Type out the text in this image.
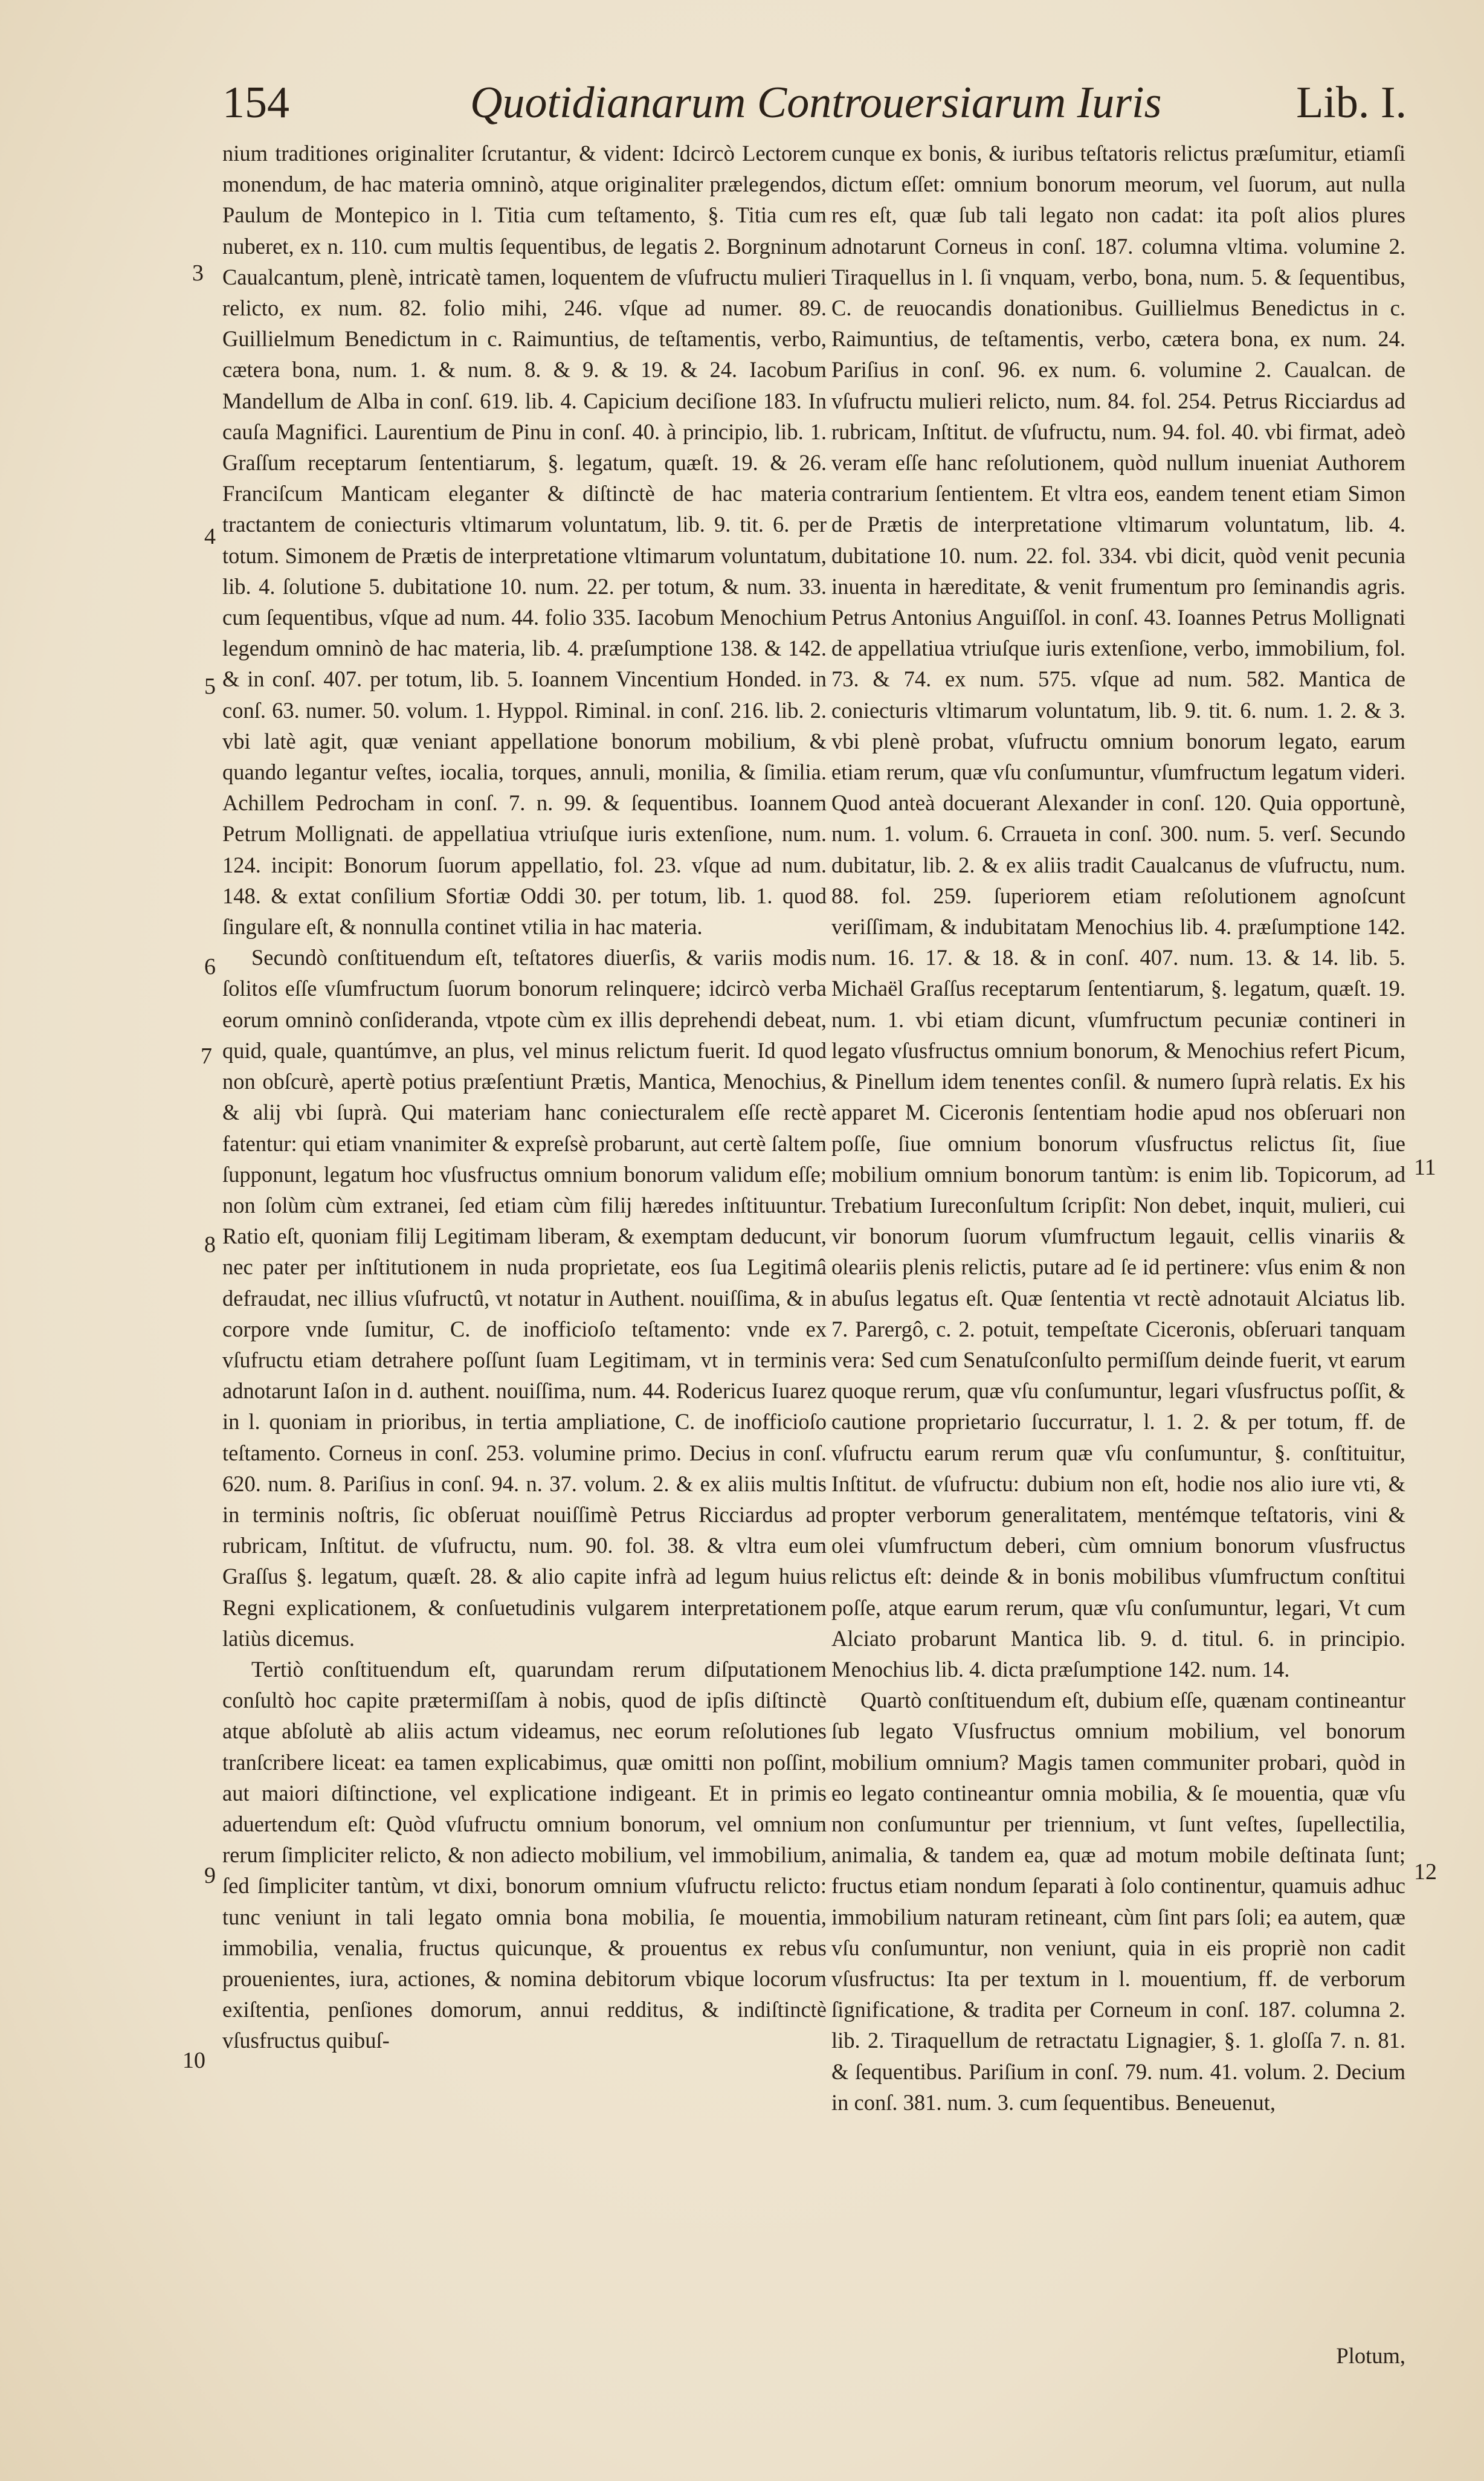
154	Quotidianarum Controuersiarum Iuris	Lib. I.

nium traditiones originaliter ſcrutantur, & vident: Idcircò Lectorem monendum, de hac materia omninò, atque originaliter prælegendos, Paulum de Montepico in l. Titia cum teſtamento, §. Titia cum nuberet, ex n. 110. cum multis ſequentibus, de legatis 2. Borgninum Caualcantum, plenè, intricatè tamen, loquentem de vſufructu mulieri relicto, ex num. 82. folio mihi, 246. vſque ad numer. 89. Guillielmum Benedictum in c. Raimuntius, de teſtamentis, verbo, cætera bona, num. 1. & num. 8. & 9. & 19. & 24. Iacobum Mandellum de Alba in conſ. 619. lib. 4. Capicium deciſione 183. In cauſa Magnifici. Laurentium de Pinu in conſ. 40. à principio, lib. 1. Graſſum receptarum ſententiarum, §. legatum, quæſt. 19. & 26. Franciſcum Manticam eleganter & diſtinctè de hac materia tractantem de coniecturis vltimarum voluntatum, lib. 9. tit. 6. per totum. Simonem de Prætis de interpretatione vltimarum voluntatum, lib. 4. ſolutione 5. dubitatione 10. num. 22. per totum, & num. 33. cum ſequentibus, vſque ad num. 44. folio 335. Iacobum Menochium legendum omninò de hac materia, lib. 4. præſumptione 138. & 142. & in conſ. 407. per totum, lib. 5. Ioannem Vincentium Honded. in conſ. 63. numer. 50. volum. 1. Hyppol. Riminal. in conſ. 216. lib. 2. vbi latè agit, quæ veniant appellatione bonorum mobilium, & quando legantur veſtes, iocalia, torques, annuli, monilia, & ſimilia. Achillem Pedrocham in conſ. 7. n. 99. & ſequentibus. Ioannem Petrum Mollignati. de appellatiua vtriuſque iuris extenſione, num. 124. incipit: Bonorum ſuorum appellatio, fol. 23. vſque ad num. 148. & extat conſilium Sfortiæ Oddi 30. per totum, lib. 1. quod ſingulare eſt, & nonnulla continet vtilia in hac materia.

Secundò conſtituendum eſt, teſtatores diuerſis, & variis modis ſolitos eſſe vſumfructum ſuorum bonorum relinquere; idcircò verba eorum omninò conſideranda, vtpote cùm ex illis deprehendi debeat, quid, quale, quantúmve, an plus, vel minus relictum fuerit. Id quod non obſcurè, apertè potius præſentiunt Prætis, Mantica, Menochius, & alij vbi ſuprà. Qui materiam hanc coniecturalem eſſe rectè fatentur: qui etiam vnanimiter & expreſsè probarunt, aut certè ſaltem ſupponunt, legatum hoc vſusfructus omnium bonorum validum eſſe; non ſolùm cùm extranei, ſed etiam cùm filij hæredes inſtituuntur. Ratio eſt, quoniam filij Legitimam liberam, & exemptam deducunt, nec pater per inſtitutionem in nuda proprietate, eos ſua Legitimâ defraudat, nec illius vſufructû, vt notatur in Authent. nouiſſima, & in corpore vnde ſumitur, C. de inofficioſo teſtamento: vnde ex vſufructu etiam detrahere poſſunt ſuam Legitimam, vt in terminis adnotarunt Iaſon in d. authent. nouiſſima, num. 44. Rodericus Iuarez in l. quoniam in prioribus, in tertia ampliatione, C. de inofficioſo teſtamento. Corneus in conſ. 253. volumine primo. Decius in conſ. 620. num. 8. Pariſius in conſ. 94. n. 37. volum. 2. & ex aliis multis in terminis noſtris, ſic obſeruat nouiſſimè Petrus Ricciardus ad rubricam, Inſtitut. de vſufructu, num. 90. fol. 38. & vltra eum Graſſus §. legatum, quæſt. 28. & alio capite infrà ad legum huius Regni explicationem, & conſuetudinis vulgarem interpretationem latiùs dicemus.

Tertiò conſtituendum eſt, quarundam rerum diſputationem conſultò hoc capite prætermiſſam à nobis, quod de ipſis diſtinctè atque abſolutè ab aliis actum videamus, nec eorum reſolutiones tranſcribere liceat: ea tamen explicabimus, quæ omitti non poſſint, aut maiori diſtinctione, vel explicatione indigeant. Et in primis aduertendum eſt: Quòd vſufructu omnium bonorum, vel omnium rerum ſimpliciter relicto, & non adiecto mobilium, vel immobilium, ſed ſimpliciter tantùm, vt dixi, bonorum omnium vſufructu relicto: tunc veniunt in tali legato omnia bona mobilia, ſe mouentia, immobilia, venalia, fructus quicunque, & prouentus ex rebus prouenientes, iura, actiones, & nomina debitorum vbique locorum exiſtentia, penſiones domorum, annui redditus, & indiſtinctè vſusfructus quibuſ-

cunque ex bonis, & iuribus teſtatoris relictus præſumitur, etiamſi dictum eſſet: omnium bonorum meorum, vel ſuorum, aut nulla res eſt, quæ ſub tali legato non cadat: ita poſt alios plures adnotarunt Corneus in conſ. 187. columna vltima. volumine 2. Tiraquellus in l. ſi vnquam, verbo, bona, num. 5. & ſequentibus, C. de reuocandis donationibus. Guillielmus Benedictus in c. Raimuntius, de teſtamentis, verbo, cætera bona, ex num. 24. Pariſius in conſ. 96. ex num. 6. volumine 2. Caualcan. de vſufructu mulieri relicto, num. 84. fol. 254. Petrus Ricciardus ad rubricam, Inſtitut. de vſufructu, num. 94. fol. 40. vbi firmat, adeò veram eſſe hanc reſolutionem, quòd nullum inueniat Authorem contrarium ſentientem. Et vltra eos, eandem tenent etiam Simon de Prætis de interpretatione vltimarum voluntatum, lib. 4. dubitatione 10. num. 22. fol. 334. vbi dicit, quòd venit pecunia inuenta in hæreditate, & venit frumentum pro ſeminandis agris. Petrus Antonius Anguiſſol. in conſ. 43. Ioannes Petrus Mollignati de appellatiua vtriuſque iuris extenſione, verbo, immobilium, fol. 73. & 74. ex num. 575. vſque ad num. 582. Mantica de coniecturis vltimarum voluntatum, lib. 9. tit. 6. num. 1. 2. & 3. vbi plenè probat, vſufructu omnium bonorum legato, earum etiam rerum, quæ vſu conſumuntur, vſumfructum legatum videri. Quod anteà docuerant Alexander in conſ. 120. Quia opportunè, num. 1. volum. 6. Crraueta in conſ. 300. num. 5. verſ. Secundo dubitatur, lib. 2. & ex aliis tradit Caualcanus de vſufructu, num. 88. fol. 259. ſuperiorem etiam reſolutionem agnoſcunt veriſſimam, & indubitatam Menochius lib. 4. præſumptione 142. num. 16. 17. & 18. & in conſ. 407. num. 13. & 14. lib. 5. Michaël Graſſus receptarum ſententiarum, §. legatum, quæſt. 19. num. 1. vbi etiam dicunt, vſumfructum pecuniæ contineri in legato vſusfructus omnium bonorum, & Menochius refert Picum, & Pinellum idem tenentes conſil. & numero ſuprà relatis. Ex his apparet M. Ciceronis ſententiam hodie apud nos obſeruari non poſſe, ſiue omnium bonorum vſusfructus relictus ſit, ſiue mobilium omnium bonorum tantùm: is enim lib. Topicorum, ad Trebatium Iureconſultum ſcripſit: Non debet, inquit, mulieri, cui vir bonorum ſuorum vſumfructum legauit, cellis vinariis & oleariis plenis relictis, putare ad ſe id pertinere: vſus enim & non abuſus legatus eſt. Quæ ſententia vt rectè adnotauit Alciatus lib. 7. Parergô, c. 2. potuit, tempeſtate Ciceronis, obſeruari tanquam vera: Sed cum Senatuſconſulto permiſſum deinde fuerit, vt earum quoque rerum, quæ vſu conſumuntur, legari vſusfructus poſſit, & cautione proprietario ſuccurratur, l. 1. 2. & per totum, ff. de vſufructu earum rerum quæ vſu conſumuntur, §. conſtituitur, Inſtitut. de vſufructu: dubium non eſt, hodie nos alio iure vti, & propter verborum generalitatem, mentémque teſtatoris, vini & olei vſumfructum deberi, cùm omnium bonorum vſusfructus relictus eſt: deinde & in bonis mobilibus vſumfructum conſtitui poſſe, atque earum rerum, quæ vſu conſumuntur, legari, Vt cum Alciato probarunt Mantica lib. 9. d. titul. 6. in principio. Menochius lib. 4. dicta præſumptione 142. num. 14.

Quartò conſtituendum eſt, dubium eſſe, quænam contineantur ſub legato Vſusfructus omnium mobilium, vel bonorum mobilium omnium? Magis tamen communiter probari, quòd in eo legato contineantur omnia mobilia, & ſe mouentia, quæ vſu non conſumuntur per triennium, vt ſunt veſtes, ſupellectilia, animalia, & tandem ea, quæ ad motum mobile deſtinata ſunt; fructus etiam nondum ſeparati à ſolo continentur, quamuis adhuc immobilium naturam retineant, cùm ſint pars ſoli; ea autem, quæ vſu conſumuntur, non veniunt, quia in eis propriè non cadit vſusfructus: Ita per textum in l. mouentium, ff. de verborum ſignificatione, & tradita per Corneum in conſ. 187. columna 2. lib. 2. Tiraquellum de retractatu Lignagier, §. 1. gloſſa 7. n. 81. & ſequentibus. Pariſium in conſ. 79. num. 41. volum. 2. Decium in conſ. 381. num. 3. cum ſequentibus. Beneuenut,

3
4
5
6
7
8
9
10
11
12
Plotum,
